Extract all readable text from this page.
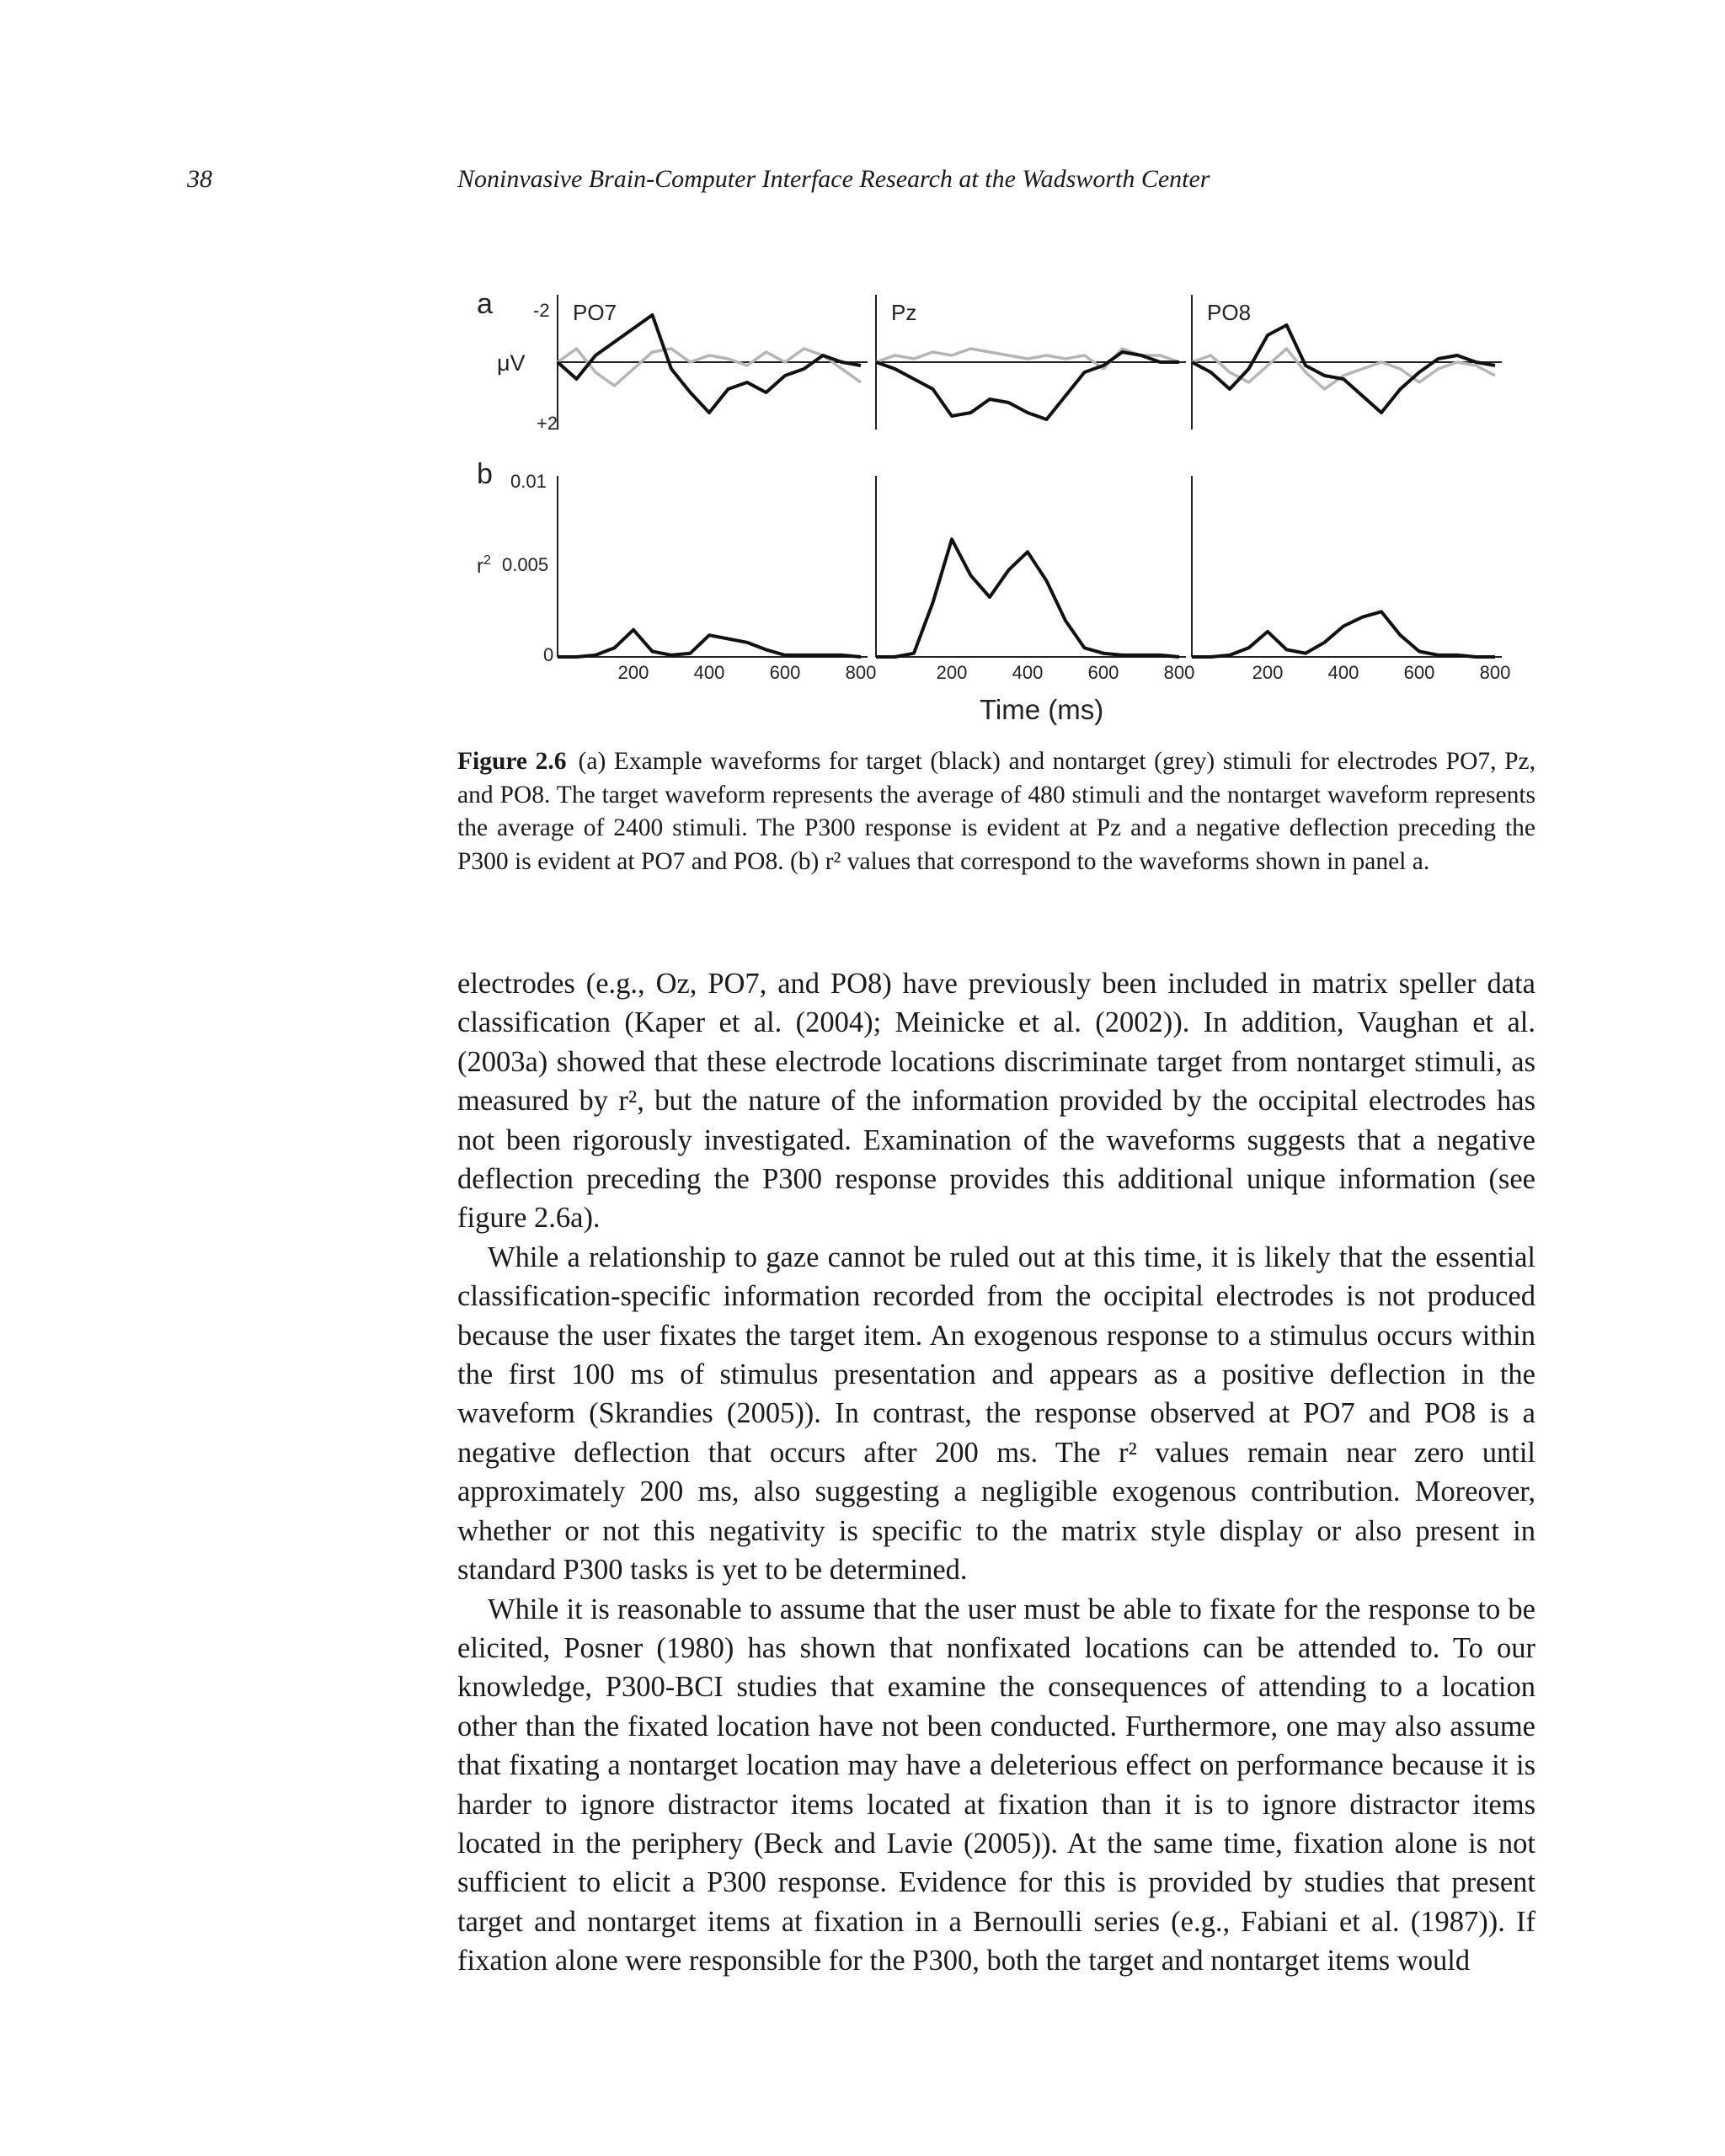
38	Noninvasive Brain-Computer Interface Research at the Wadsworth Center
a
b
-2
μV
+2
0.01
$r^2$ 0.005
0
Time (ms)
PO7	Pz	PO8
200 400 600 800	200 400 600 800	200 400 600 800
Figure 2.6 (a) Example waveforms for target (black) and nontarget (grey) stimuli for electrodes PO7, Pz, and PO8. The target waveform represents the average of 480 stimuli and the nontarget waveform represents the average of 2400 stimuli. The P300 response is evident at Pz and a negative deflection preceding the P300 is evident at PO7 and PO8. (b) r² values that correspond to the waveforms shown in panel a.

electrodes (e.g., Oz, PO7, and PO8) have previously been included in matrix speller data classification (Kaper et al. (2004); Meinicke et al. (2002)). In addition, Vaughan et al. (2003a) showed that these electrode locations discriminate target from nontarget stimuli, as measured by r², but the nature of the information provided by the occipital electrodes has not been rigorously investigated. Examination of the waveforms suggests that a negative deflection preceding the P300 response provides this additional unique information (see figure 2.6a).

While a relationship to gaze cannot be ruled out at this time, it is likely that the essential classification-specific information recorded from the occipital electrodes is not produced because the user fixates the target item. An exogenous response to a stimulus occurs within the first 100 ms of stimulus presentation and appears as a positive deflection in the waveform (Skrandies (2005)). In contrast, the response observed at PO7 and PO8 is a negative deflection that occurs after 200 ms. The r² values remain near zero until approximately 200 ms, also suggesting a negligible exogenous contribution. Moreover, whether or not this negativity is specific to the matrix style display or also present in standard P300 tasks is yet to be determined.

While it is reasonable to assume that the user must be able to fixate for the response to be elicited, Posner (1980) has shown that nonfixated locations can be attended to. To our knowledge, P300-BCI studies that examine the consequences of attending to a location other than the fixated location have not been conducted. Furthermore, one may also assume that fixating a nontarget location may have a deleterious effect on performance because it is harder to ignore distractor items located at fixation than it is to ignore distractor items located in the periphery (Beck and Lavie (2005)). At the same time, fixation alone is not sufficient to elicit a P300 response. Evidence for this is provided by studies that present target and nontarget items at fixation in a Bernoulli series (e.g., Fabiani et al. (1987)). If fixation alone were responsible for the P300, both the target and nontarget items would
